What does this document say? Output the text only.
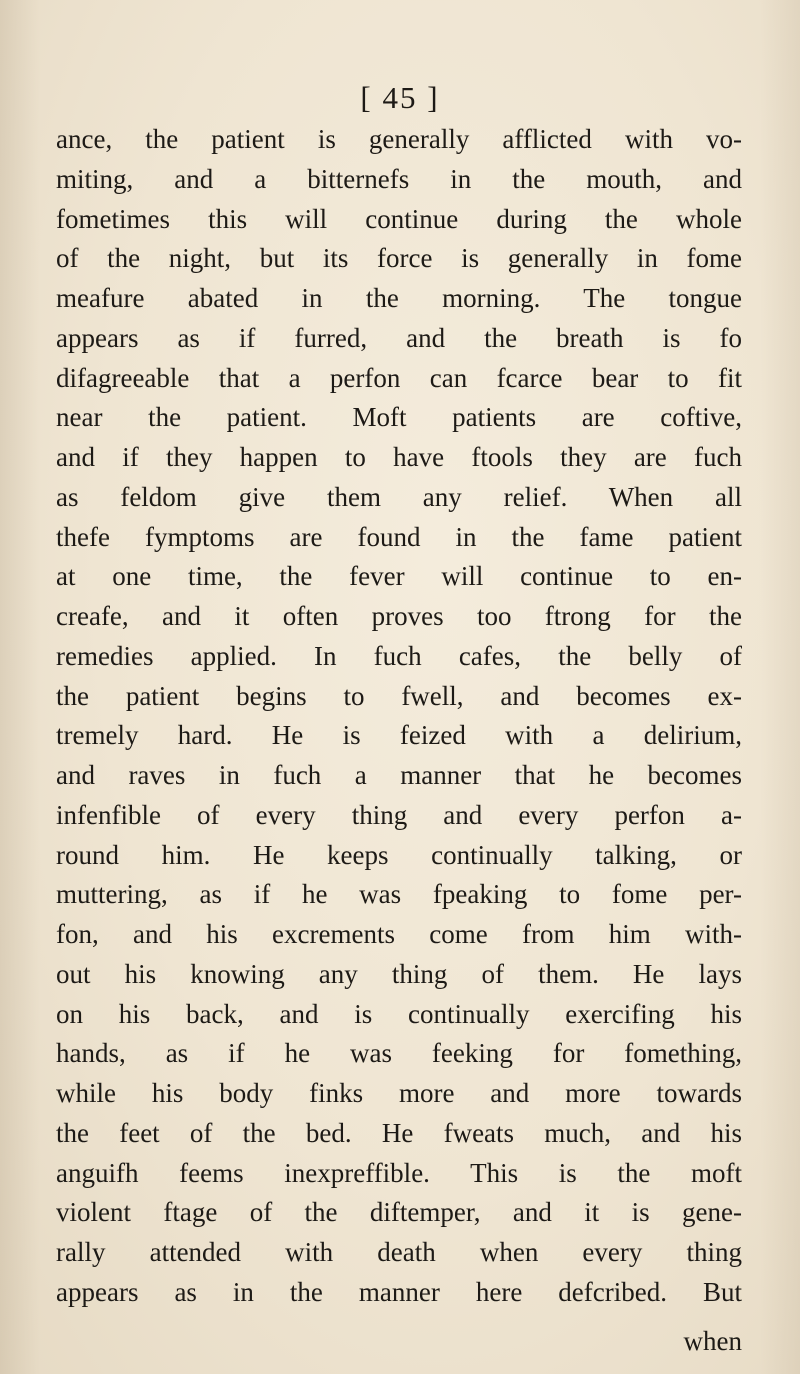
[ 45 ]
ance, the patient is generally afflicted with vo-
miting, and a bitternefs in the mouth, and
fometimes this will continue during the whole
of the night, but its force is generally in fome
meafure abated in the morning. The tongue
appears as if furred, and the breath is fo
difagreeable that a perfon can fcarce bear to fit
near the patient. Moft patients are coftive,
and if they happen to have ftools they are fuch
as feldom give them any relief. When all
thefe fymptoms are found in the fame patient
at one time, the fever will continue to en-
creafe, and it often proves too ftrong for the
remedies applied. In fuch cafes, the belly of
the patient begins to fwell, and becomes ex-
tremely hard. He is feized with a delirium,
and raves in fuch a manner that he becomes
infenfible of every thing and every perfon a-
round him. He keeps continually talking, or
muttering, as if he was fpeaking to fome per-
fon, and his excrements come from him with-
out his knowing any thing of them. He lays
on his back, and is continually exercifing his
hands, as if he was feeking for fomething,
while his body finks more and more towards
the feet of the bed. He fweats much, and his
anguifh feems inexpreffible. This is the moft
violent ftage of the diftemper, and it is gene-
rally attended with death when every thing
appears as in the manner here defcribed. But
when
